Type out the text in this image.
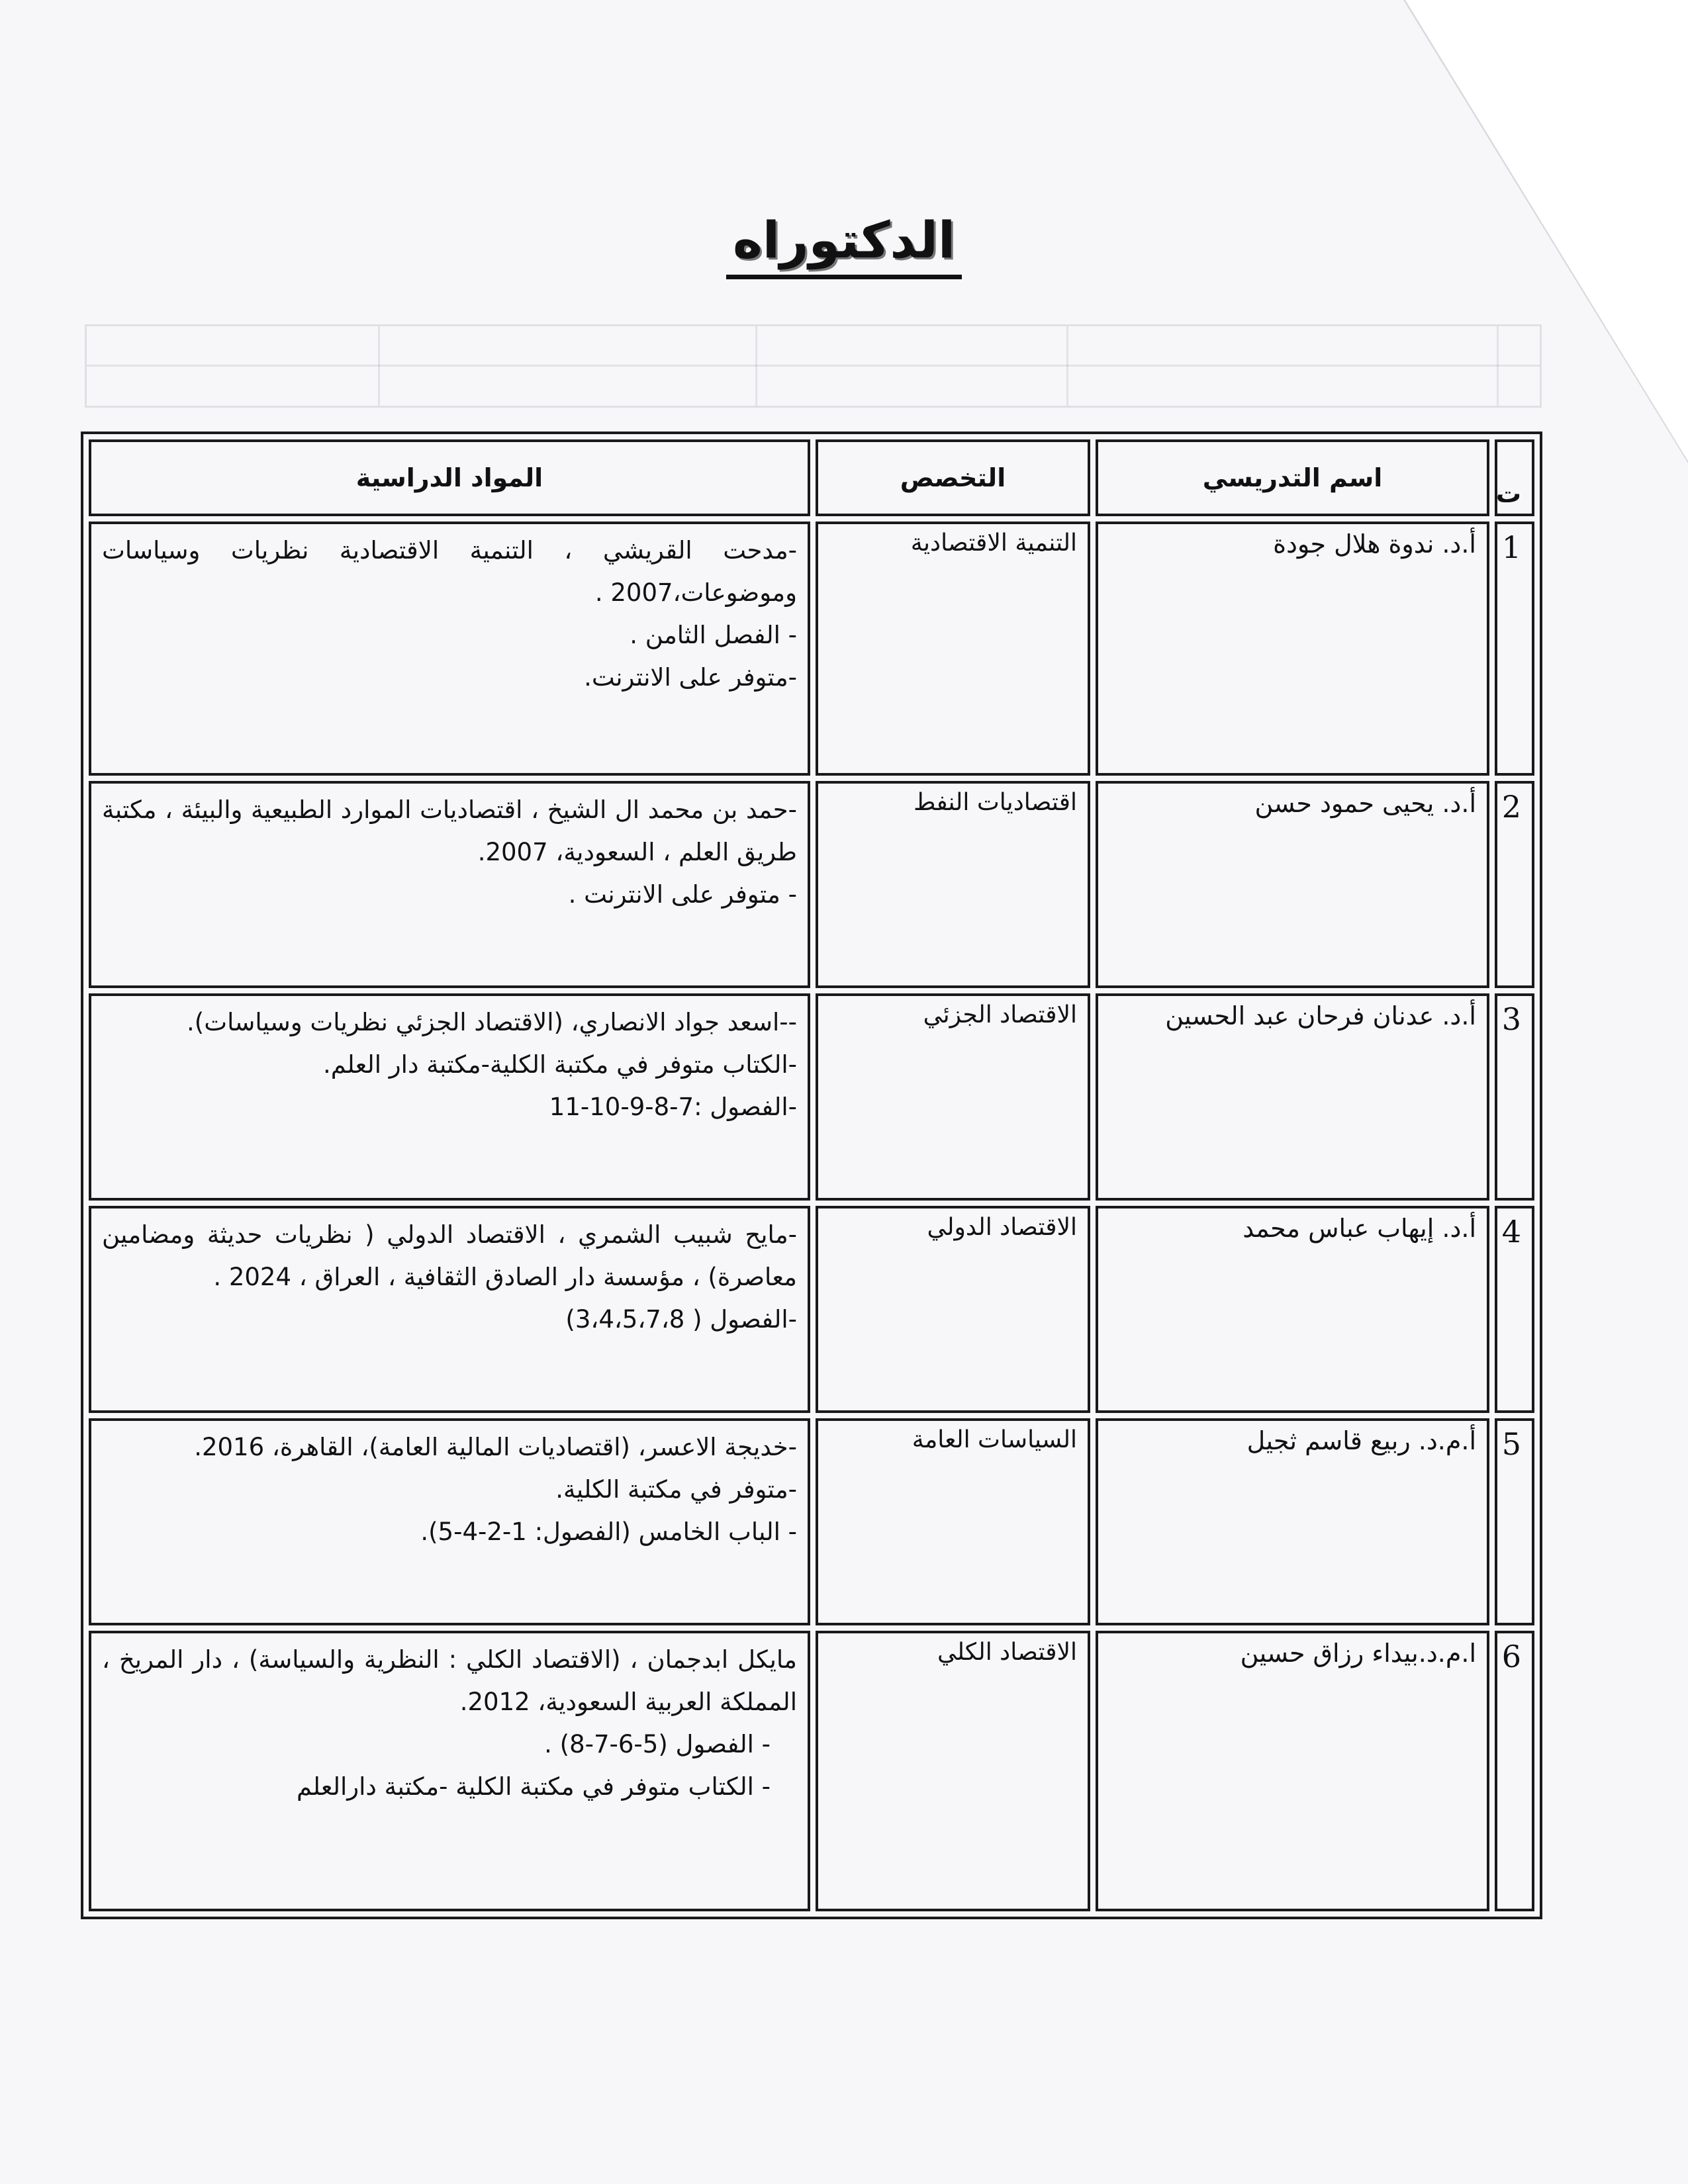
الدكتوراه
ت	اسم التدريسي	التخصص	المواد الدراسية
1	أ.د. ندوة هلال جودة	التنمية الاقتصادية	-مدحت القريشي ، التنمية الاقتصادية نظريات وسياسات وموضوعات،2007 .
- الفصل الثامن .
-متوفر على الانترنت.

2	أ.د. يحيى حمود حسن	اقتصاديات النفط	-حمد بن محمد ال الشيخ ، اقتصاديات الموارد الطبيعية والبيئة ، مكتبة طريق العلم ، السعودية، 2007.
- متوفر على الانترنت .

3	أ.د. عدنان فرحان عبد الحسين	الاقتصاد الجزئي	--اسعد جواد الانصاري، (الاقتصاد الجزئي نظريات وسياسات).
-الكتاب متوفر في مكتبة الكلية-مكتبة دار العلم.
-الفصول :7-8-9-10-11

4	أ.د. إيهاب عباس محمد	الاقتصاد الدولي	-مايح شبيب الشمري ، الاقتصاد الدولي ( نظريات حديثة ومضامين معاصرة) ، مؤسسة دار الصادق الثقافية ، العراق ، 2024 .
-الفصول ( 3،4،5،7،8)

5	أ.م.د. ربيع قاسم ثجيل	السياسات العامة	-خديجة الاعسر، (اقتصاديات المالية العامة)، القاهرة، 2016.
-متوفر في مكتبة الكلية.
- الباب الخامس (الفصول: 1-2-4-5).

6	ا.م.د.بيداء رزاق حسين	الاقتصاد الكلي	مايكل ابدجمان ، (الاقتصاد الكلي : النظرية والسياسة) ، دار المريخ ، المملكة العربية السعودية، 2012.
- الفصول (5-6-7-8) .
- الكتاب متوفر في مكتبة الكلية -مكتبة دارالعلم
